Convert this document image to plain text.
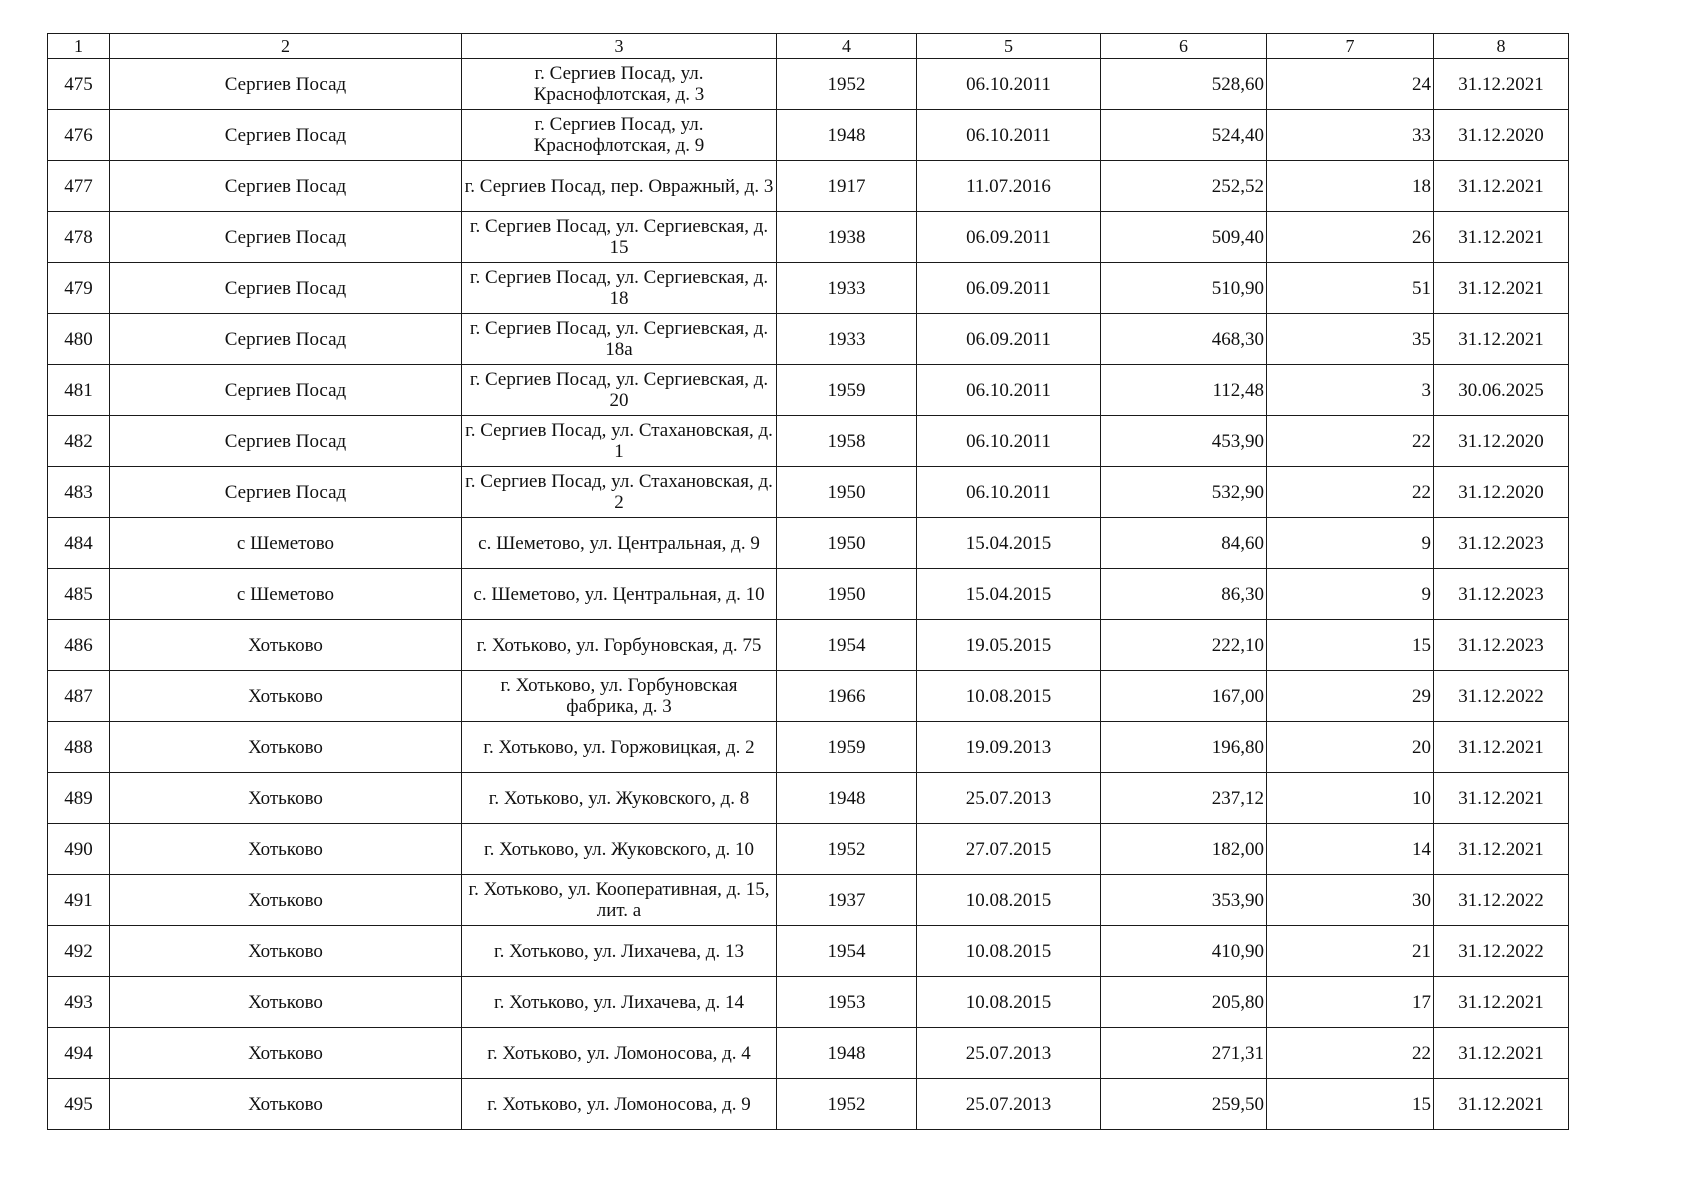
1	2	3	4	5	6	7	8
475	Сергиев Посад	г. Сергиев Посад, ул. Краснофлотская, д. 3	1952	06.10.2011	528,60	24	31.12.2021
476	Сергиев Посад	г. Сергиев Посад, ул. Краснофлотская, д. 9	1948	06.10.2011	524,40	33	31.12.2020
477	Сергиев Посад	г. Сергиев Посад, пер. Овражный, д. 3	1917	11.07.2016	252,52	18	31.12.2021
478	Сергиев Посад	г. Сергиев Посад, ул. Сергиевская, д. 15	1938	06.09.2011	509,40	26	31.12.2021
479	Сергиев Посад	г. Сергиев Посад, ул. Сергиевская, д. 18	1933	06.09.2011	510,90	51	31.12.2021
480	Сергиев Посад	г. Сергиев Посад, ул. Сергиевская, д. 18а	1933	06.09.2011	468,30	35	31.12.2021
481	Сергиев Посад	г. Сергиев Посад, ул. Сергиевская, д. 20	1959	06.10.2011	112,48	3	30.06.2025
482	Сергиев Посад	г. Сергиев Посад, ул. Стахановская, д. 1	1958	06.10.2011	453,90	22	31.12.2020
483	Сергиев Посад	г. Сергиев Посад, ул. Стахановская, д. 2	1950	06.10.2011	532,90	22	31.12.2020
484	с Шеметово	с. Шеметово, ул. Центральная, д. 9	1950	15.04.2015	84,60	9	31.12.2023
485	с Шеметово	с. Шеметово, ул. Центральная, д. 10	1950	15.04.2015	86,30	9	31.12.2023
486	Хотьково	г. Хотьково, ул. Горбуновская, д. 75	1954	19.05.2015	222,10	15	31.12.2023
487	Хотьково	г. Хотьково, ул. Горбуновская фабрика, д. 3	1966	10.08.2015	167,00	29	31.12.2022
488	Хотьково	г. Хотьково, ул. Горжовицкая, д. 2	1959	19.09.2013	196,80	20	31.12.2021
489	Хотьково	г. Хотьково, ул. Жуковского, д. 8	1948	25.07.2013	237,12	10	31.12.2021
490	Хотьково	г. Хотьково, ул. Жуковского, д. 10	1952	27.07.2015	182,00	14	31.12.2021
491	Хотьково	г. Хотьково, ул. Кооперативная, д. 15, лит. а	1937	10.08.2015	353,90	30	31.12.2022
492	Хотьково	г. Хотьково, ул. Лихачева, д. 13	1954	10.08.2015	410,90	21	31.12.2022
493	Хотьково	г. Хотьково, ул. Лихачева, д. 14	1953	10.08.2015	205,80	17	31.12.2021
494	Хотьково	г. Хотьково, ул. Ломоносова, д. 4	1948	25.07.2013	271,31	22	31.12.2021
495	Хотьково	г. Хотьково, ул. Ломоносова, д. 9	1952	25.07.2013	259,50	15	31.12.2021
